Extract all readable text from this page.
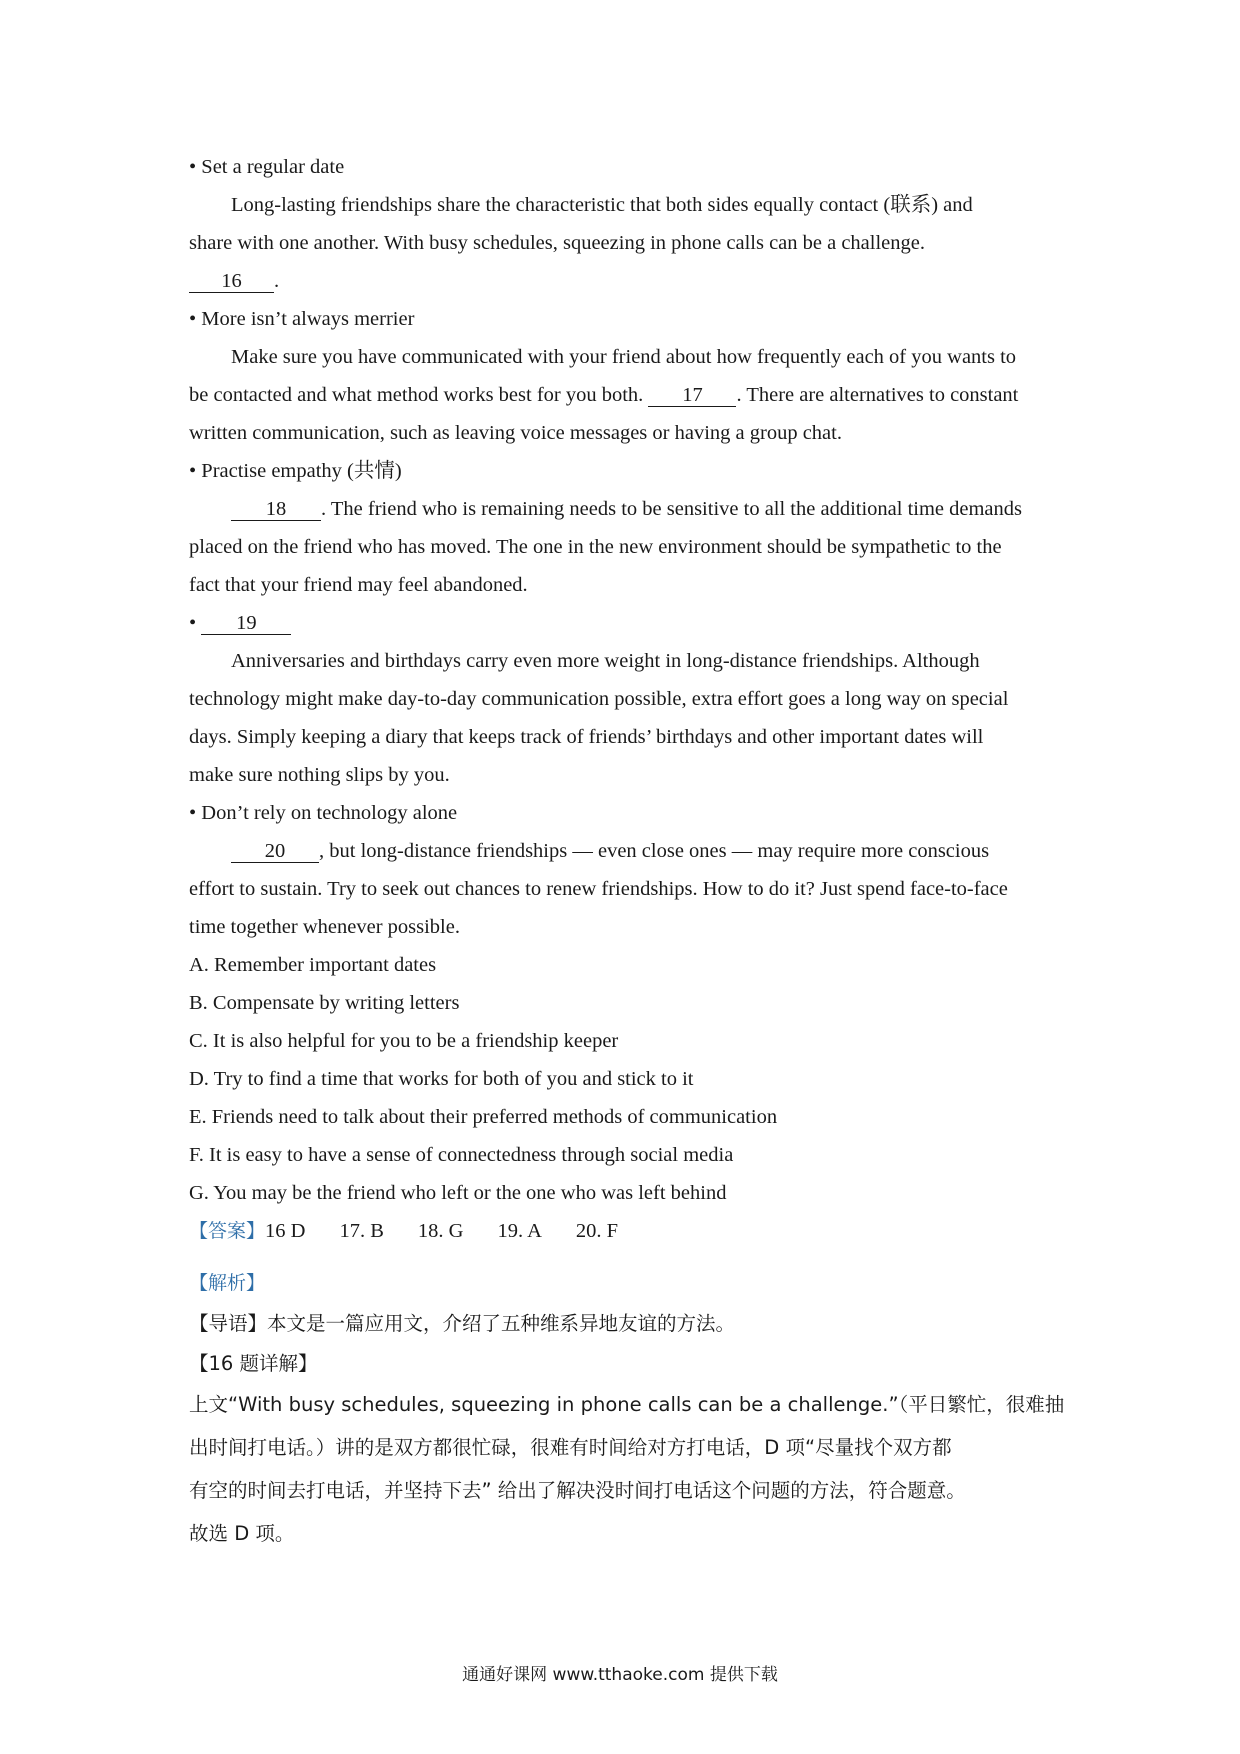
• Set a regular date
Long-lasting friendships share the characteristic that both sides equally contact (联系) and
share with one another. With busy schedules, squeezing in phone calls can be a challenge.
16 .
• More isn’t always merrier
Make sure you have communicated with your friend about how frequently each of you wants to
be contacted and what method works best for you both. 17 . There are alternatives to constant
written communication, such as leaving voice messages or having a group chat.
• Practise empathy (共情)
18 . The friend who is remaining needs to be sensitive to all the additional time demands
placed on the friend who has moved. The one in the new environment should be sympathetic to the
fact that your friend may feel abandoned.
• 19
Anniversaries and birthdays carry even more weight in long-distance friendships. Although
technology might make day-to-day communication possible, extra effort goes a long way on special
days. Simply keeping a diary that keeps track of friends’ birthdays and other important dates will
make sure nothing slips by you.
• Don’t rely on technology alone
20 , but long-distance friendships — even close ones — may require more conscious
effort to sustain. Try to seek out chances to renew friendships. How to do it? Just spend face-to-face
time together whenever possible.
A. Remember important dates
B. Compensate by writing letters
C. It is also helpful for you to be a friendship keeper
D. Try to find a time that works for both of you and stick to it
E. Friends need to talk about their preferred methods of communication
F. It is easy to have a sense of connectedness through social media
G. You may be the friend who left or the one who was left behind
【答案】16 D 17. B 18. G 19. A 20. F
【解析】
【导语】本文是一篇应用文，介绍了五种维系异地友谊的方法。
【16 题详解】
上文“With busy schedules, squeezing in phone calls can be a challenge.”（平日繁忙，很难抽
出时间打电话。）讲的是双方都很忙碌，很难有时间给对方打电话，D 项“尽量找个双方都
有空的时间去打电话，并坚持下去” 给出了解决没时间打电话这个问题的方法，符合题意。
故选 D 项。
通通好课网 www.tthaoke.com 提供下载
